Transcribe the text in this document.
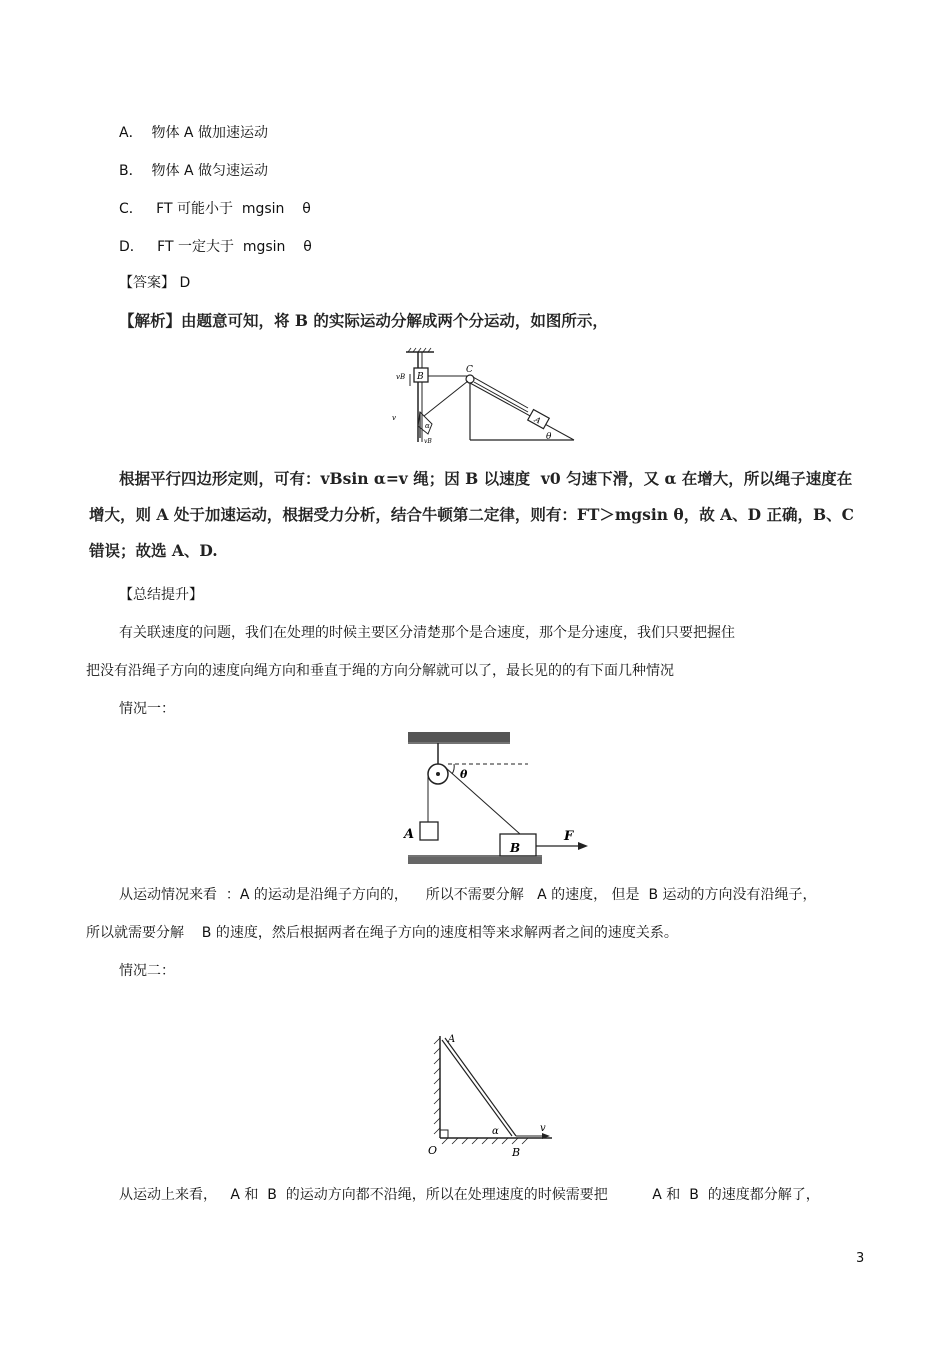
A． 物体 A 做加速运动
B． 物体 A 做匀速运动
C． FT 可能小于  mgsin    θ
D． FT 一定大于  mgsin    θ
【答案】 D
【解析】由题意可知，将 B 的实际运动分解成两个分运动，如图所示，
B
C
A
θ
vB
v
α
vB
根据平行四边形定则，可有：vBsin α=v 绳；因 B 以速度  v0 匀速下滑，又 α 在增大，所以绳子速度在
增大，则 A 处于加速运动，根据受力分析，结合牛顿第二定律，则有：FT＞mgsin θ，故 A、D 正确，B、C
错误；故选 A、D.
【总结提升】
有关联速度的问题，我们在处理的时候主要区分清楚那个是合速度，那个是分速度，我们只要把握住
把没有沿绳子方向的速度向绳方向和垂直于绳的方向分解就可以了，最长见的的有下面几种情况
情况一：
θ
A
B
F
从运动情况来看  ：A 的运动是沿绳子方向的，    所以不需要分解   A 的速度， 但是  B 运动的方向没有沿绳子，
所以就需要分解    B 的速度，然后根据两者在绳子方向的速度相等来求解两者之间的速度关系。
情况二：
A
α	v
O	B
从运动上来看，   A 和  B  的运动方向都不沿绳，所以在处理速度的时候需要把          A 和  B  的速度都分解了，
3
